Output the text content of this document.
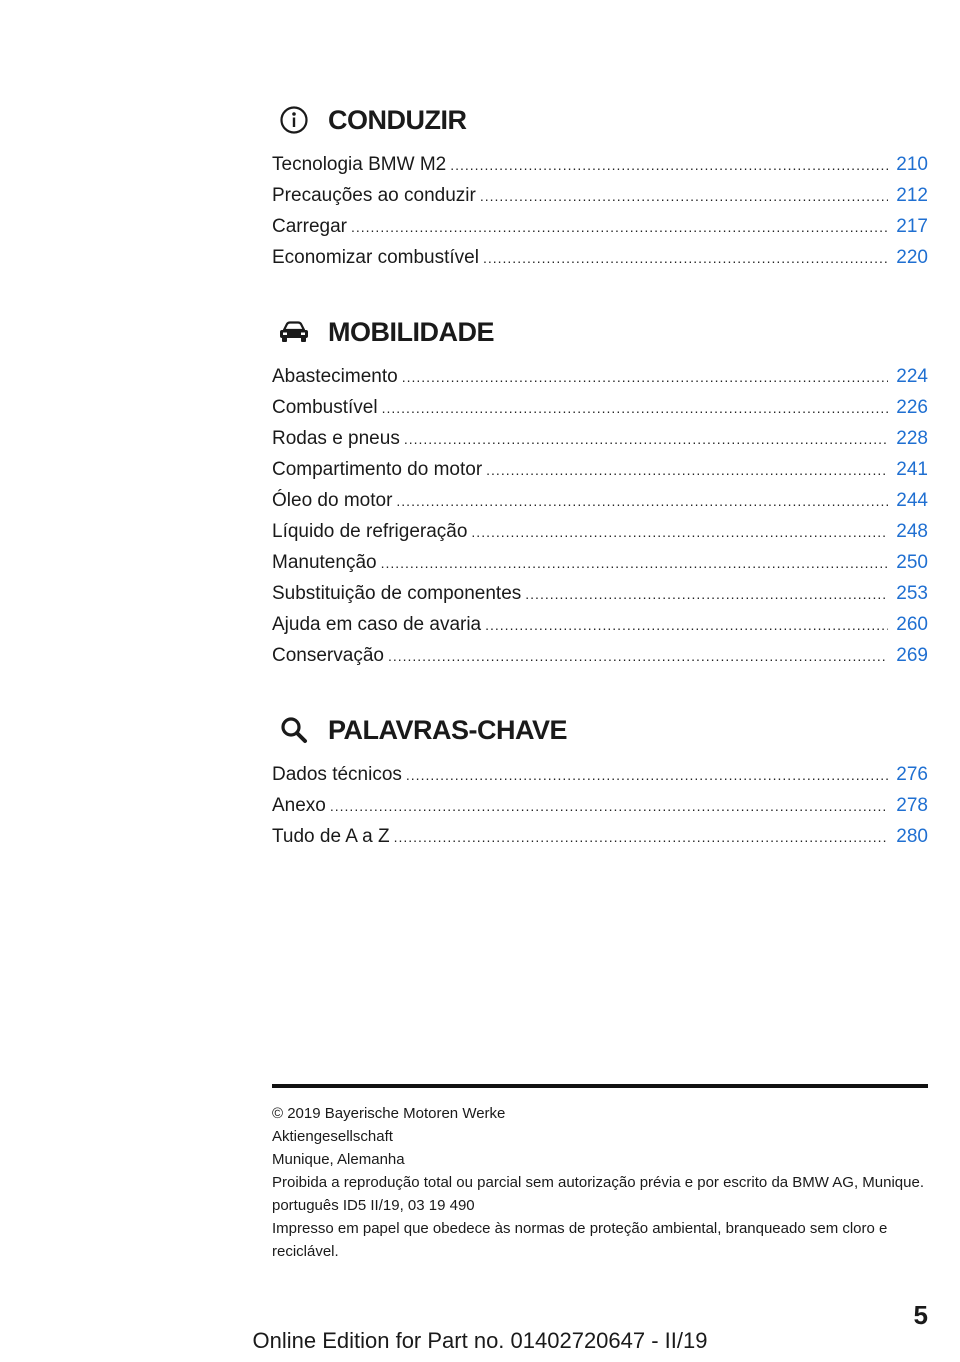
CONDUZIR
Tecnologia BMW M2 .....	210
Precauções ao conduzir .....	212
Carregar .....	217
Economizar combustível .....	220
MOBILIDADE
Abastecimento .....	224
Combustível .....	226
Rodas e pneus .....	228
Compartimento do motor .....	241
Óleo do motor .....	244
Líquido de refrigeração .....	248
Manutenção .....	250
Substituição de componentes .....	253
Ajuda em caso de avaria .....	260
Conservação .....	269
PALAVRAS-CHAVE
Dados técnicos .....	276
Anexo .....	278
Tudo de A a Z .....	280
© 2019 Bayerische Motoren Werke
Aktiengesellschaft
Munique, Alemanha
Proibida a reprodução total ou parcial sem autorização prévia e por escrito da BMW AG, Munique.
português ID5 II/19, 03 19 490
Impresso em papel que obedece às normas de proteção ambiental, branqueado sem cloro e reciclável.
5
Online Edition for Part no. 01402720647 - II/19
